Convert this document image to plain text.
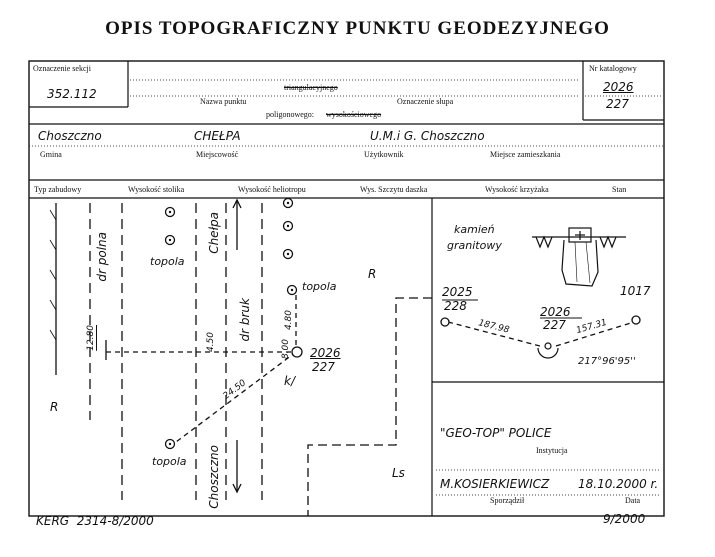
OPIS TOPOGRAFICZNY PUNKTU GEODEZYJNEGO
Oznaczenie sekcji
352.112
Nr katalogowy
2026
227
triangulacyjnego
Nazwa punktu	Oznaczenie słupa
poligonowego: wysokościowego
Choszczno	CHEŁPA	U.M.i G. Choszczno
Gmina	Miejscowość	Użytkownik	Miejsce zamieszkania
Typ zabudowy	Wysokość stolika	Wysokość heliotropu	Wys. Szczytu daszka	Wysokość krzyżaka	Stan
dr polna	Chełpa
dr bruk
Choszczno
topola
topola
topola
R
R
Ls
k/
12.80	4.50
4.80
8.00
24.50
2026
227
kamień
granitowy
2025
228	2026
227
1017
187.98	157.31
217°96'95''
"GEO-TOP" POLICE
Instytucja
M.KOSIERKIEWICZ 18.10.2000 r.
Sporządził	Data
KERG  2314-8/2000	9/2000
